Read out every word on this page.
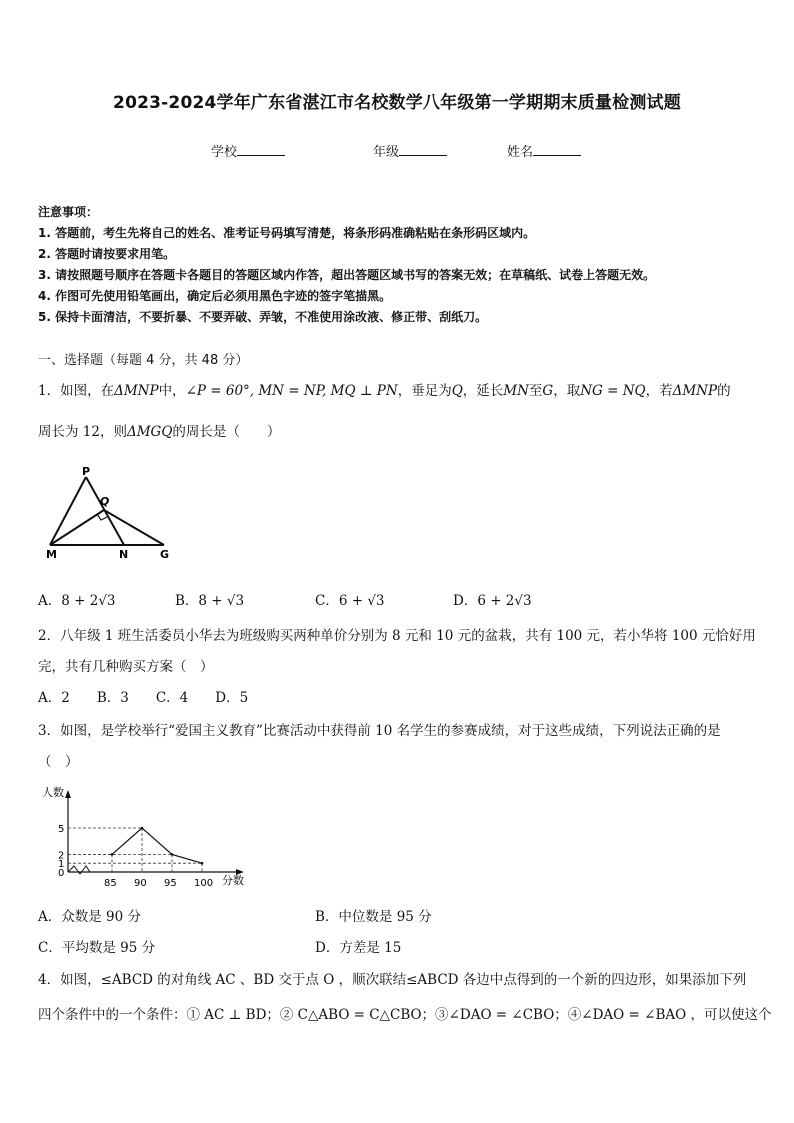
2023-2024学年广东省湛江市名校数学八年级第一学期期末质量检测试题
学校	年级	姓名
注意事项：
1. 答题前，考生先将自己的姓名、准考证号码填写清楚，将条形码准确粘贴在条形码区域内。
2. 答题时请按要求用笔。
3. 请按照题号顺序在答题卡各题目的答题区域内作答，超出答题区域书写的答案无效；在草稿纸、试卷上答题无效。
4. 作图可先使用铅笔画出，确定后必须用黑色字迹的签字笔描黑。
5. 保持卡面清洁，不要折暴、不要弄破、弄皱，不准使用涂改液、修正带、刮纸刀。
一、选择题（每题 4 分，共 48 分）
1．如图，在ΔMNP中，∠P = 60°, MN = NP, MQ ⊥ PN，垂足为Q，延长MN至G，取NG = NQ，若ΔMNP的
周长为 12，则ΔMGQ的周长是（　　）
P
Q
M	N	G
A．8 + 2√3	B．8 + √3	C．6 + √3	D．6 + 2√3
2．八年级 1 班生活委员小华去为班级购买两种单价分别为 8 元和 10 元的盆栽，共有 100 元，若小华将 100 元恰好用
完，共有几种购买方案（　）
A．2　　B．3　　C．4　　D．5
3．如图，是学校举行“爱国主义教育”比赛活动中获得前 10 名学生的参赛成绩，对于这些成绩，下列说法正确的是
（　）
人数
分数
0
1
2
5
85 90 95 100
A．众数是 90 分	B．中位数是 95 分
C．平均数是 95 分	D．方差是 15
4．如图，≤ABCD 的对角线 AC 、BD 交于点 O ，顺次联结≤ABCD 各边中点得到的一个新的四边形，如果添加下列
四个条件中的一个条件：① AC ⊥ BD；② C△ABO = C△CBO；③∠DAO = ∠CBO；④∠DAO = ∠BAO ，可以使这个
